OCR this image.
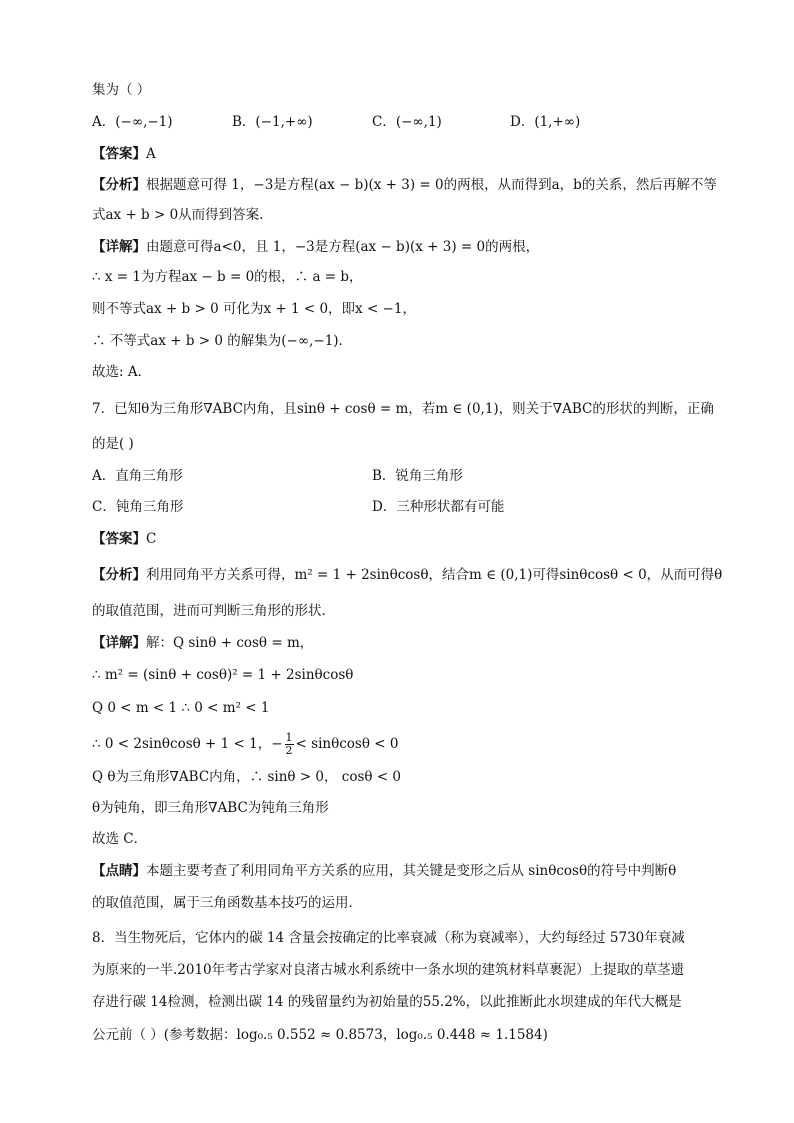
集为（ ）
A．(−∞,−1)	B．(−1,+∞)	C．(−∞,1)	D．(1,+∞)
【答案】A
【分析】根据题意可得 1，−3是方程(ax − b)(x + 3) = 0的两根，从而得到a，b的关系，然后再解不等
式ax + b > 0从而得到答案.
【详解】由题意可得a<0，且 1，−3是方程(ax − b)(x + 3) = 0的两根，
∴ x = 1为方程ax − b = 0的根，∴ a = b，
则不等式ax + b > 0 可化为x + 1 < 0，即x < −1，
∴ 不等式ax + b > 0 的解集为(−∞,−1)．
故选: A．
7．已知θ为三角形∇ABC内角，且sinθ + cosθ = m，若m ∈ (0,1)，则关于∇ABC的形状的判断，正确
的是( )
A．直角三角形	B．锐角三角形
C．钝角三角形	D．三种形状都有可能
【答案】C
【分析】利用同角平方关系可得，m² = 1 + 2sinθcosθ，结合m ∈ (0,1)可得sinθcosθ < 0，从而可得θ
的取值范围，进而可判断三角形的形状．
【详解】解：Q sinθ + cosθ = m，
∴ m² = (sinθ + cosθ)² = 1 + 2sinθcosθ
Q 0 < m < 1 ∴ 0 < m² < 1
∴ 0 < 2sinθcosθ + 1 < 1，− $\frac{1}{2} < \sin\theta\cos\theta < 0$
Q θ为三角形∇ABC内角，∴ sinθ > 0， cosθ < 0
θ为钝角，即三角形∇ABC为钝角三角形
故选 C．
【点睛】本题主要考查了利用同角平方关系的应用，其关键是变形之后从 sinθcosθ的符号中判断θ
的取值范围，属于三角函数基本技巧的运用．
8．当生物死后，它体内的碳 14 含量会按确定的比率衰减（称为衰减率），大约每经过 5730年衰减
为原来的一半.2010年考古学家对良渚古城水利系统中一条水坝的建筑材料草裹泥）上提取的草茎遗
存进行碳 14检测，检测出碳 14 的残留量约为初始量的55.2%，以此推断此水坝建成的年代大概是
公元前（ ）(参考数据：log₀.₅ 0.552 ≈ 0.8573，log₀.₅ 0.448 ≈ 1.1584)
